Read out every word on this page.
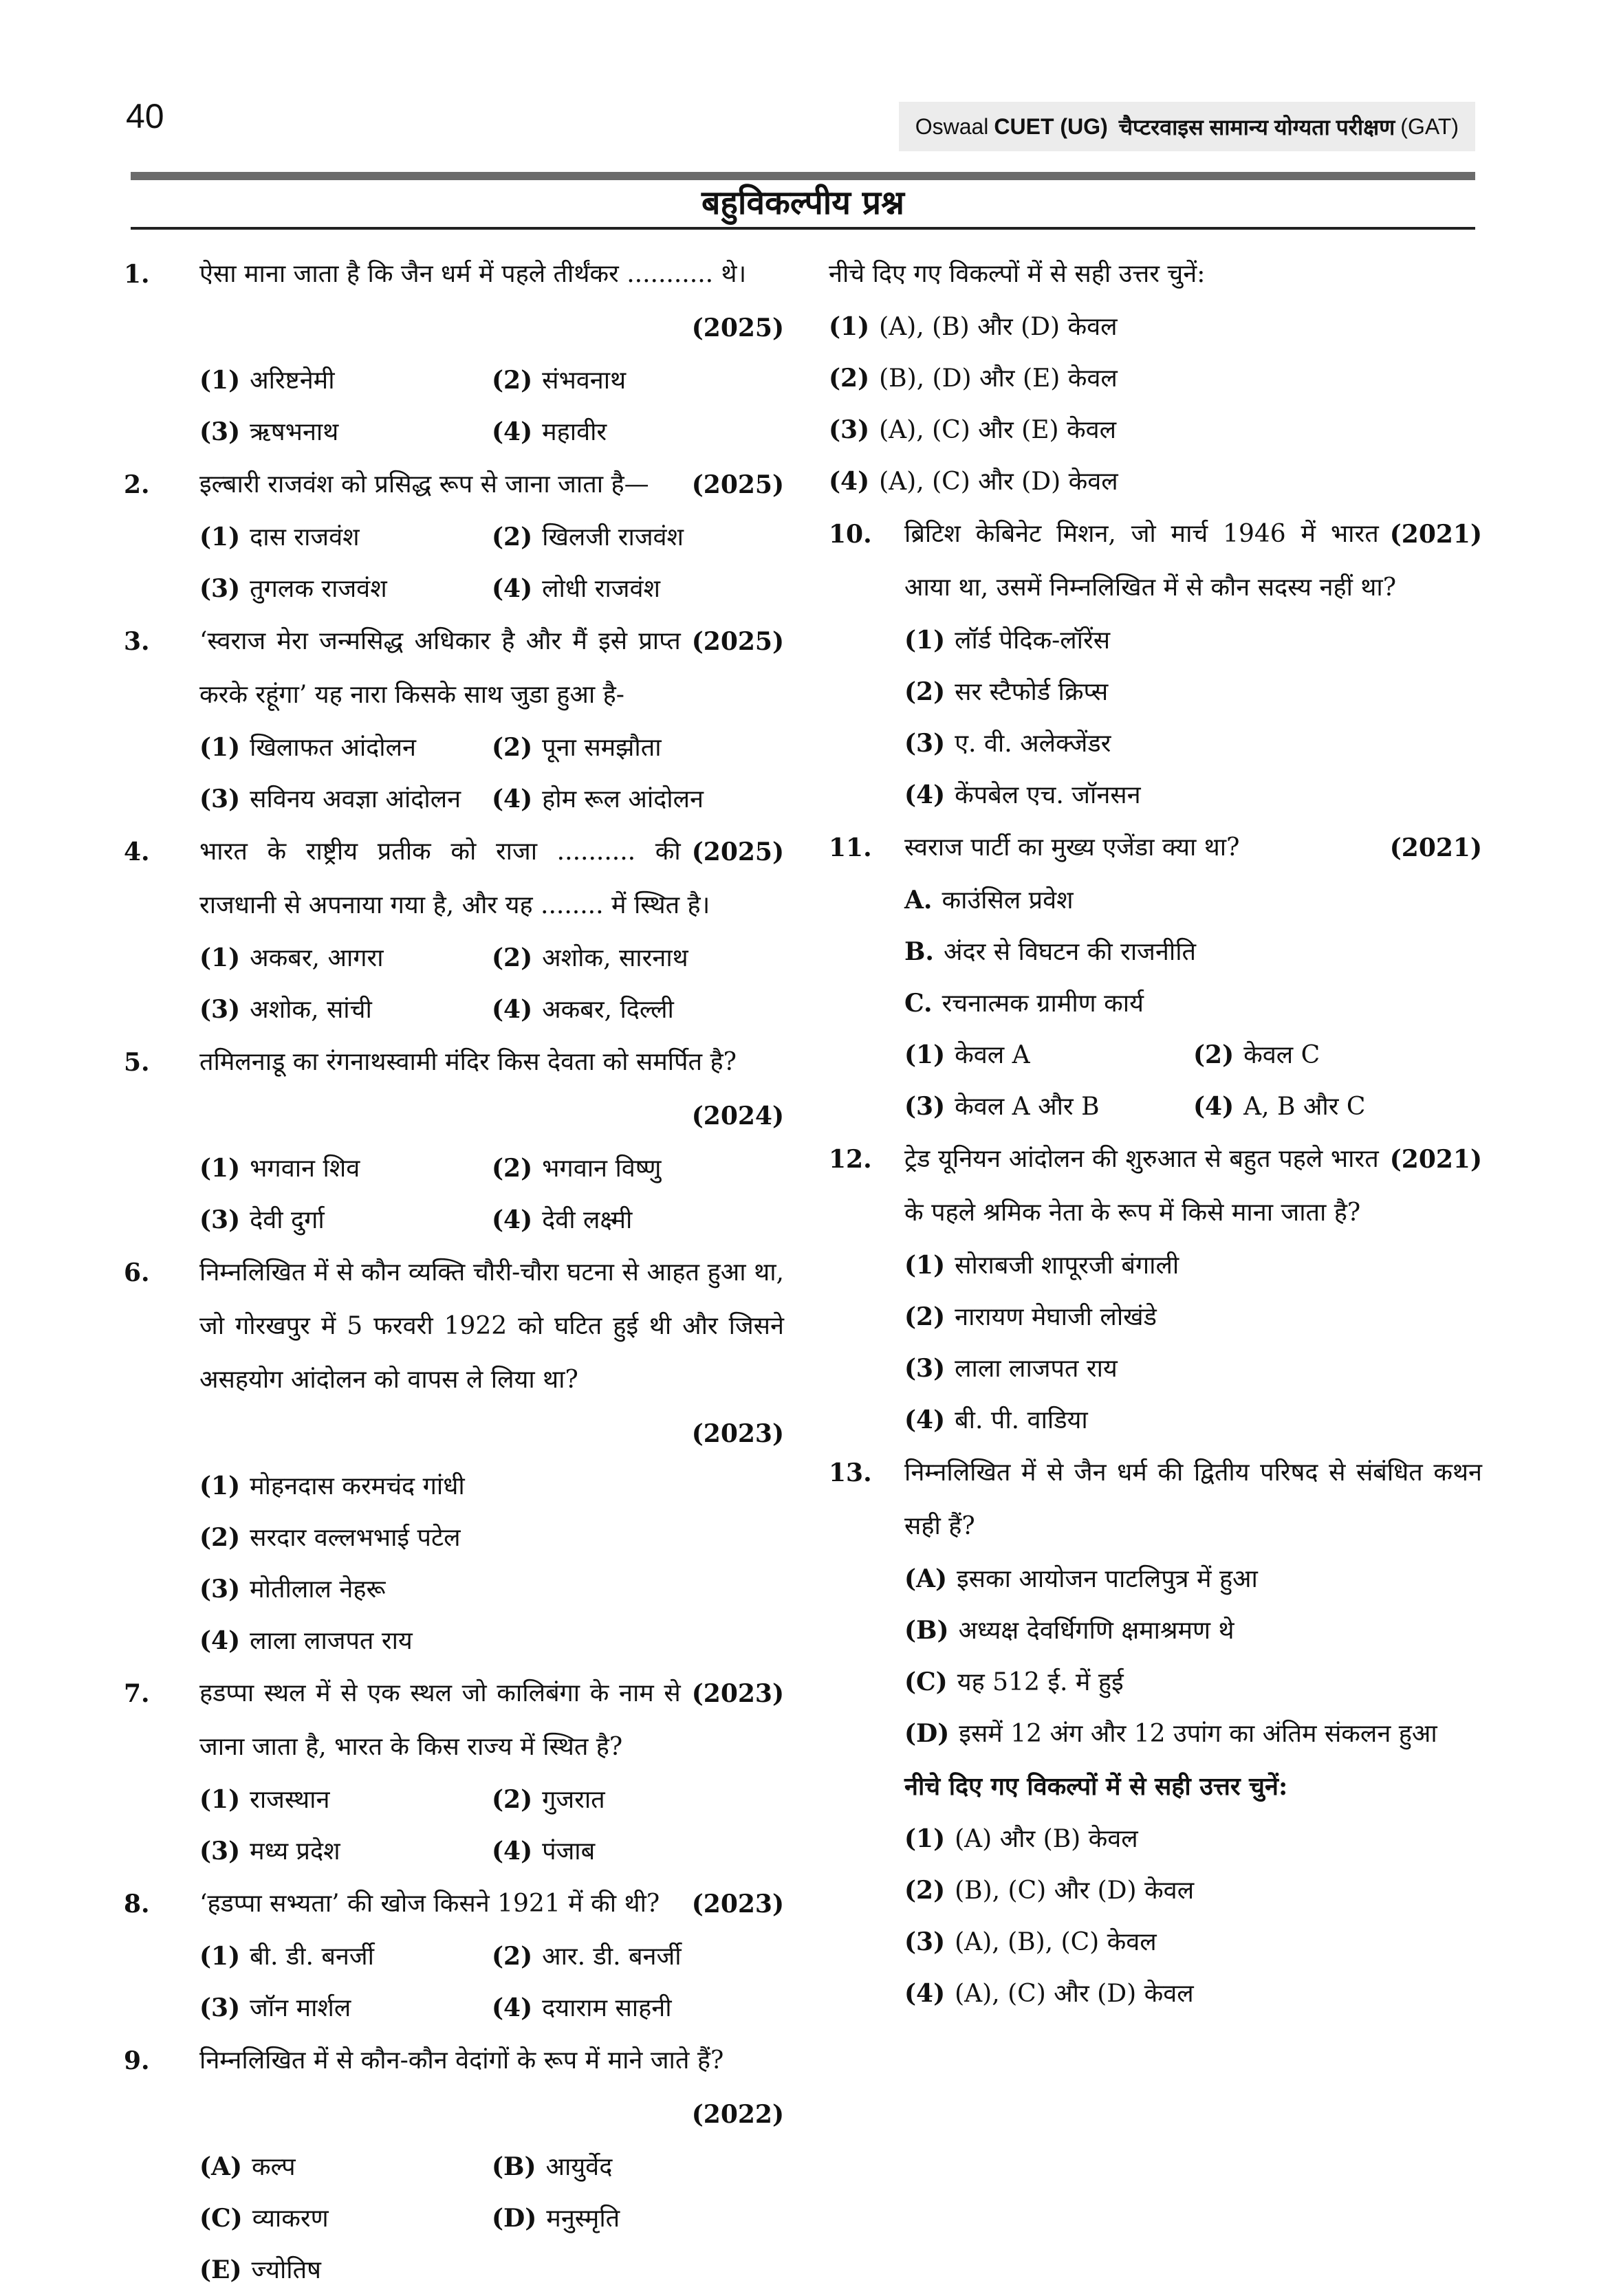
40	Oswaal CUET (UG) चैप्टरवाइस सामान्य योग्यता परीक्षण (GAT)
बहुविकल्पीय प्रश्न
1. ऐसा माना जाता है कि जैन धर्म में पहले तीर्थंकर ........... थे।
(2025)
(1) अरिष्टनेमी	(2) संभवनाथ
(3) ऋषभनाथ	(4) महावीर
2.	(2025)
इल्बारी राजवंश को प्रसिद्ध रूप से जाना जाता है—
(1) दास राजवंश	(2) खिलजी राजवंश
(3) तुगलक राजवंश	(4) लोधी राजवंश
3.	(2025)
‘स्वराज मेरा जन्मसिद्ध अधिकार है और मैं इसे प्राप्त करके रहूंगा’ यह नारा किसके साथ जुडा हुआ है-
(1) खिलाफत आंदोलन	(2) पूना समझौता
(3) सविनय अवज्ञा आंदोलन	(4) होम रूल आंदोलन
4.	(2025)
भारत के राष्ट्रीय प्रतीक को राजा .......... की राजधानी से अपनाया गया है, और यह ........ में स्थित है।
(1) अकबर, आगरा	(2) अशोक, सारनाथ
(3) अशोक, सांची	(4) अकबर, दिल्ली
5. तमिलनाडू का रंगनाथस्वामी मंदिर किस देवता को समर्पित है?
(2024)
(1) भगवान शिव	(2) भगवान विष्णु
(3) देवी दुर्गा	(4) देवी लक्ष्मी
6. निम्नलिखित में से कौन व्यक्ति चौरी-चौरा घटना से आहत हुआ था, जो गोरखपुर में 5 फरवरी 1922 को घटित हुई थी और जिसने असहयोग आंदोलन को वापस ले लिया था?
(2023)
(1) मोहनदास करमचंद गांधी
(2) सरदार वल्लभभाई पटेल
(3) मोतीलाल नेहरू
(4) लाला लाजपत राय
7.	(2023)
हडप्पा स्थल में से एक स्थल जो कालिबंगा के नाम से जाना जाता है, भारत के किस राज्य में स्थित है?
(1) राजस्थान	(2) गुजरात
(3) मध्य प्रदेश	(4) पंजाब
8.	(2023)
‘हडप्पा सभ्यता’ की खोज किसने 1921 में की थी?
(1) बी. डी. बनर्जी	(2) आर. डी. बनर्जी
(3) जॉन मार्शल	(4) दयाराम साहनी
9. निम्नलिखित में से कौन-कौन वेदांगों के रूप में माने जाते हैं?
(2022)
(A) कल्प	(B) आयुर्वेद
(C) व्याकरण	(D) मनुस्मृति
(E) ज्योतिष
नीचे दिए गए विकल्पों में से सही उत्तर चुनें:
(1) (A), (B) और (D) केवल
(2) (B), (D) और (E) केवल
(3) (A), (C) और (E) केवल
(4) (A), (C) और (D) केवल
10.	(2021)
ब्रिटिश केबिनेट मिशन, जो मार्च 1946 में भारत आया था, उसमें निम्नलिखित में से कौन सदस्य नहीं था?
(1) लॉर्ड पेदिक-लॉरेंस
(2) सर स्टैफोर्ड क्रिप्स
(3) ए. वी. अलेक्जेंडर
(4) केंपबेल एच. जॉनसन
11.	(2021)
स्वराज पार्टी का मुख्य एजेंडा क्या था?
A. काउंसिल प्रवेश
B. अंदर से विघटन की राजनीति
C. रचनात्मक ग्रामीण कार्य
(1) केवल A	(2) केवल C
(3) केवल A और B	(4) A, B और C
12.	(2021)
ट्रेड यूनियन आंदोलन की शुरुआत से बहुत पहले भारत के पहले श्रमिक नेता के रूप में किसे माना जाता है?
(1) सोराबजी शापूरजी बंगाली
(2) नारायण मेघाजी लोखंडे
(3) लाला लाजपत राय
(4) बी. पी. वाडिया
13. निम्नलिखित में से जैन धर्म की द्वितीय परिषद से संबंधित कथन सही हैं?
(A) इसका आयोजन पाटलिपुत्र में हुआ
(B) अध्यक्ष देवर्धिगणि क्षमाश्रमण थे
(C) यह 512 ई. में हुई
(D) इसमें 12 अंग और 12 उपांग का अंतिम संकलन हुआ
नीचे दिए गए विकल्पों में से सही उत्तर चुनें:
(1) (A) और (B) केवल
(2) (B), (C) और (D) केवल
(3) (A), (B), (C) केवल
(4) (A), (C) और (D) केवल
